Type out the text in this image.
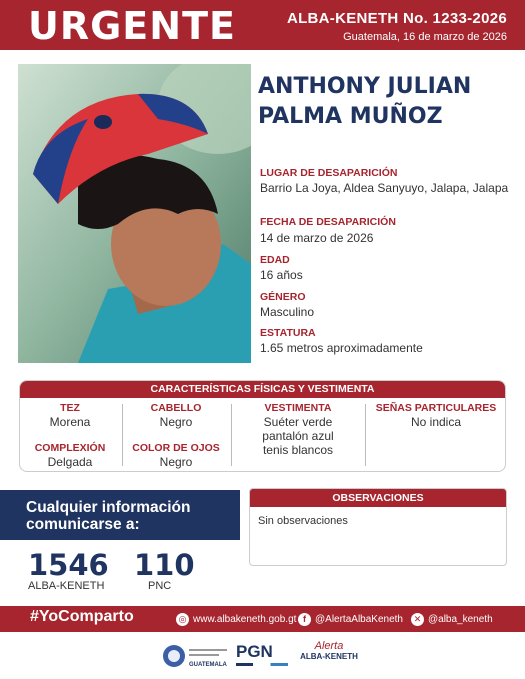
URGENTE	ALBA-KENETH No. 1233-2026
Guatemala, 16 de marzo de 2026
ANTHONY JULIAN
PALMA MUÑOZ
LUGAR DE DESAPARICIÓN
Barrio La Joya, Aldea Sanyuyo, Jalapa, Jalapa
FECHA DE DESAPARICIÓN
14 de marzo de 2026
EDAD
16 años
GÉNERO
Masculino
ESTATURA
1.65 metros aproximadamente
CARACTERÍSTICAS FÍSICAS Y VESTIMENTA
TEZ
Morena
COMPLEXIÓN
Delgada
CABELLO
Negro
COLOR DE OJOS
Negro
VESTIMENTA
Suéter verde
pantalón azul
tenis blancos
SEÑAS PARTICULARES
No indica
Cualquier información
comunicarse a:
1546
ALBA-KENETH
110
PNC
OBSERVACIONES
Sin observaciones
#YoComparto	◎ www.albakeneth.gob.gt f @AlertaAlbaKeneth	✕ @alba_keneth
GUATEMALA
PGN	Alerta
ALBA-KENETH
